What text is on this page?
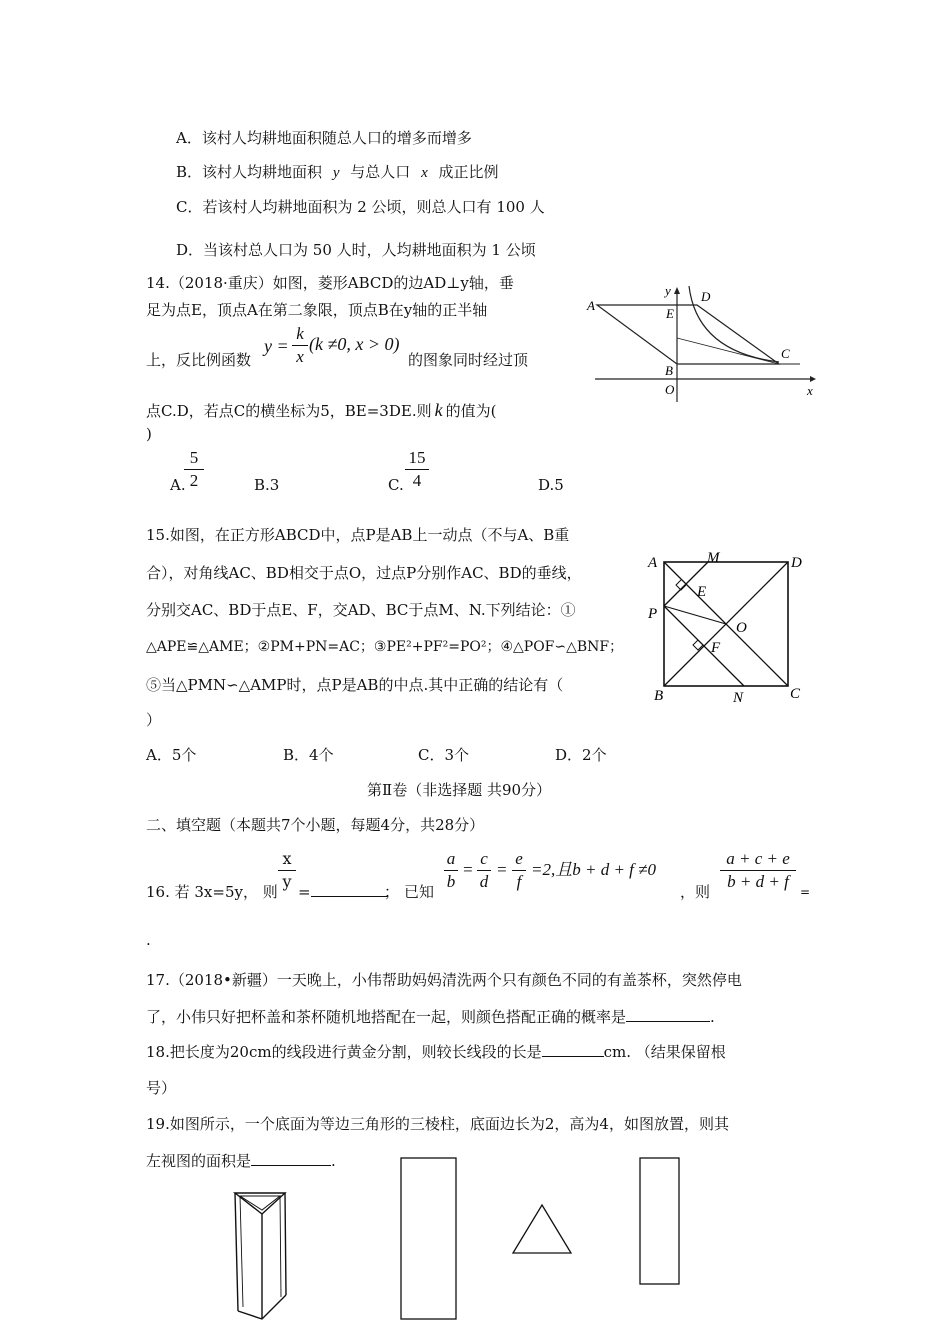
A．该村人均耕地面积随总人口的增多而增多
B．该村人均耕地面积 y 与总人口 x 成正比例
C．若该村人均耕地面积为 2 公顷，则总人口有 100 人
D．当该村总人口为 50 人时，人均耕地面积为 1 公顷
14.（2018·重庆）如图，菱形ABCD的边AD⊥y轴，垂
足为点E，顶点A在第二象限，顶点B在y轴的正半轴
上，反比例函数
y =
k
x
(k ≠0, x > 0)
的图象同时经过顶
点C.D，若点C的横坐标为5，BE=3DE.则 k 的值为(
)
A.
5
2	B.3	C.
15
4	D.5
A
y D
E
C
B
O	x
15.如图，在正方形ABCD中，点P是AB上一动点（不与A、B重
合），对角线AC、BD相交于点O，过点P分别作AC、BD的垂线，
分别交AC、BD于点E、F，交AD、BC于点M、N.下列结论：①
△APE≌△AME；②PM+PN=AC；③PE²+PF²=PO²；④△POF∽△BNF；
⑤当△PMN∽△AMP时，点P是AB的中点.其中正确的结论有（
）
A．5个	B．4个	C．3个	D．2个
A	M	D
E
P
O
F
B	N	C
第Ⅱ卷（非选择题 共90分）
二、填空题（本题共7个小题，每题4分，共28分）
16. 若 3x=5y， 则
x
y
=	； 已知
a
b
=
c
d
=
e
f
=2,且b + d + f ≠0
，则
a + c + e
b + d + f
=
.
17.（2018•新疆）一天晚上，小伟帮助妈妈清洗两个只有颜色不同的有盖茶杯，突然停电
了，小伟只好把杯盖和茶杯随机地搭配在一起，则颜色搭配正确的概率是	.
18.把长度为20cm的线段进行黄金分割，则较长线段的长是	cm. （结果保留根
号）
19.如图所示，一个底面为等边三角形的三棱柱，底面边长为2，高为4，如图放置，则其
左视图的面积是	.
